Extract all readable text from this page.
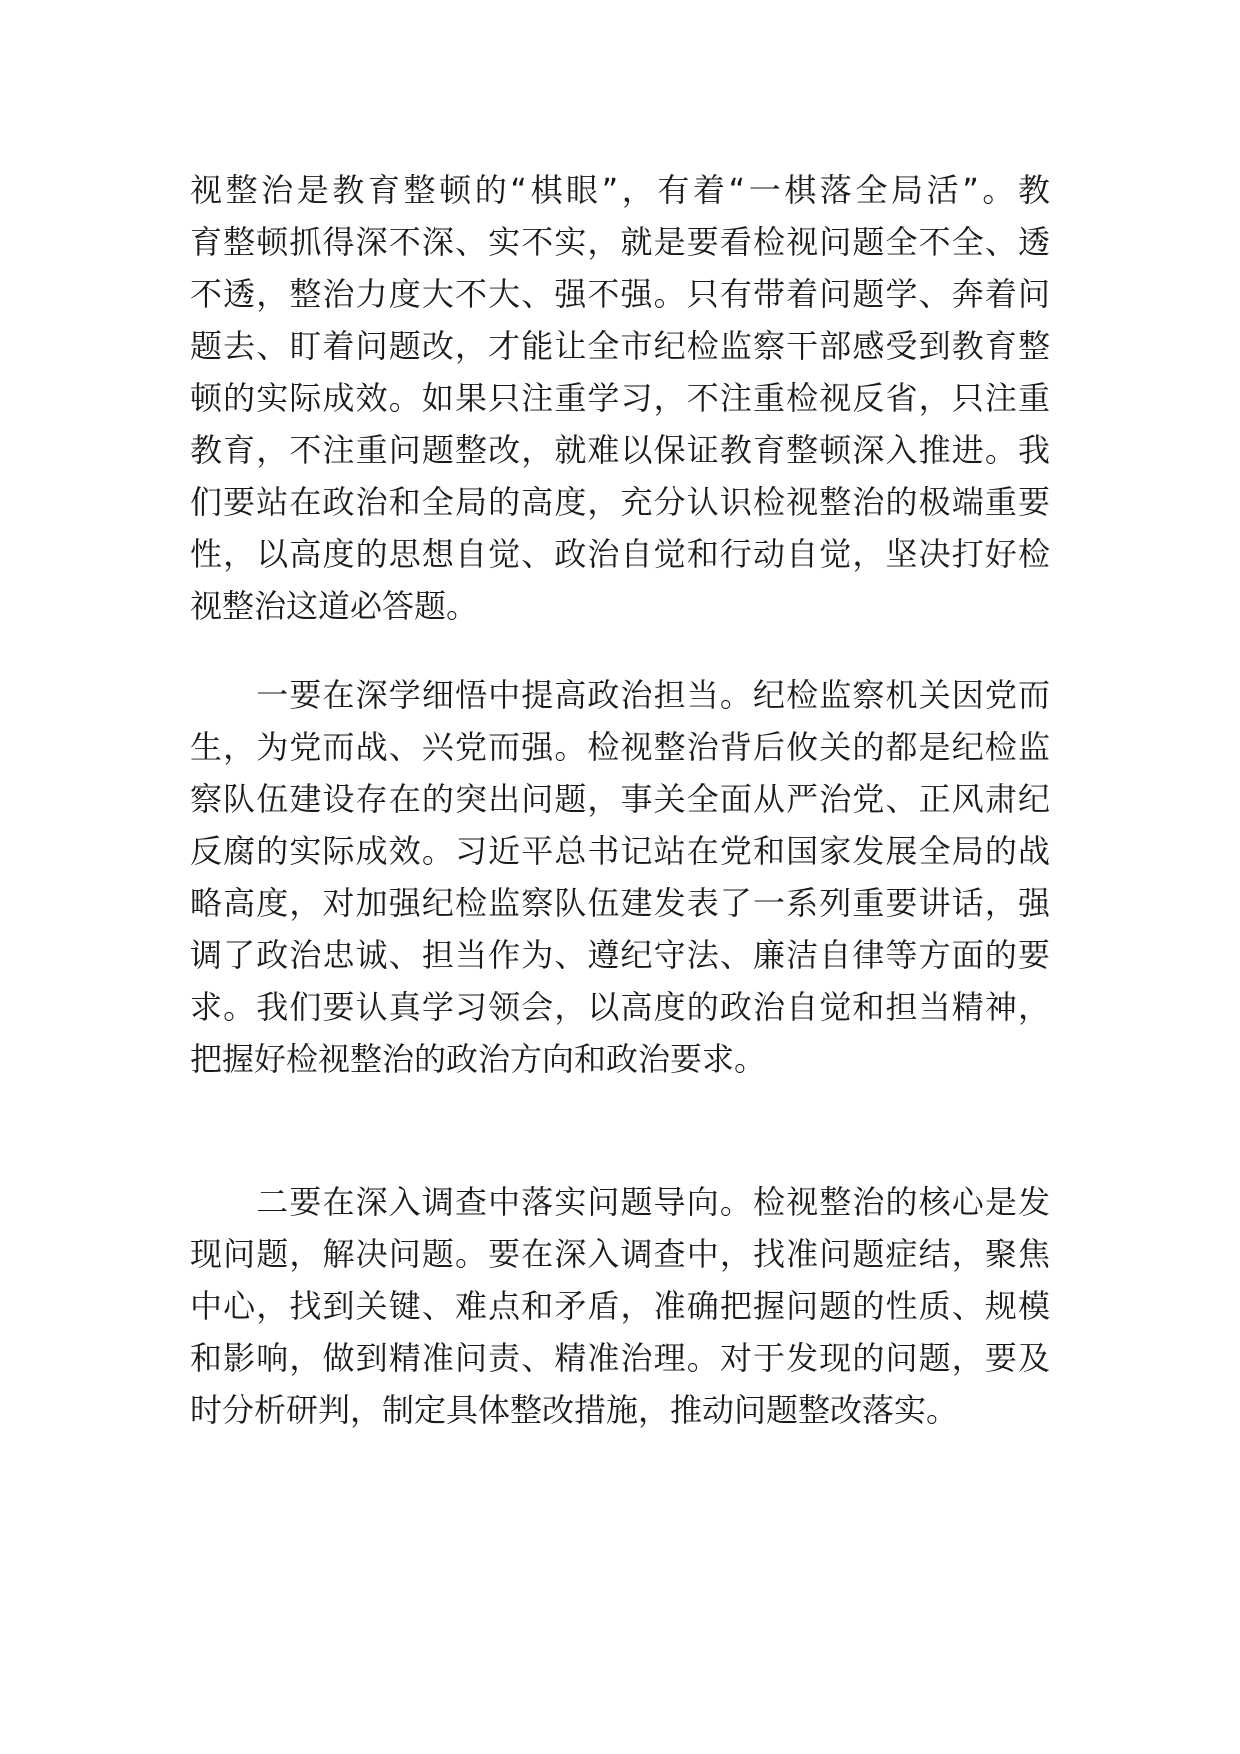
视整治是教育整顿的“棋眼”，有着“一棋落全局活”。教
育整顿抓得深不深、实不实，就是要看检视问题全不全、透
不透，整治力度大不大、强不强。只有带着问题学、奔着问
题去、盯着问题改，才能让全市纪检监察干部感受到教育整
顿的实际成效。如果只注重学习，不注重检视反省，只注重
教育，不注重问题整改，就难以保证教育整顿深入推进。我
们要站在政治和全局的高度，充分认识检视整治的极端重要
性，以高度的思想自觉、政治自觉和行动自觉，坚决打好检
视整治这道必答题。
　　一要在深学细悟中提高政治担当。纪检监察机关因党而
生，为党而战、兴党而强。检视整治背后攸关的都是纪检监
察队伍建设存在的突出问题，事关全面从严治党、正风肃纪
反腐的实际成效。习近平总书记站在党和国家发展全局的战
略高度，对加强纪检监察队伍建发表了一系列重要讲话，强
调了政治忠诚、担当作为、遵纪守法、廉洁自律等方面的要
求。我们要认真学习领会，以高度的政治自觉和担当精神，
把握好检视整治的政治方向和政治要求。
　　二要在深入调查中落实问题导向。检视整治的核心是发
现问题，解决问题。要在深入调查中，找准问题症结，聚焦
中心，找到关键、难点和矛盾，准确把握问题的性质、规模
和影响，做到精准问责、精准治理。对于发现的问题，要及
时分析研判，制定具体整改措施，推动问题整改落实。
